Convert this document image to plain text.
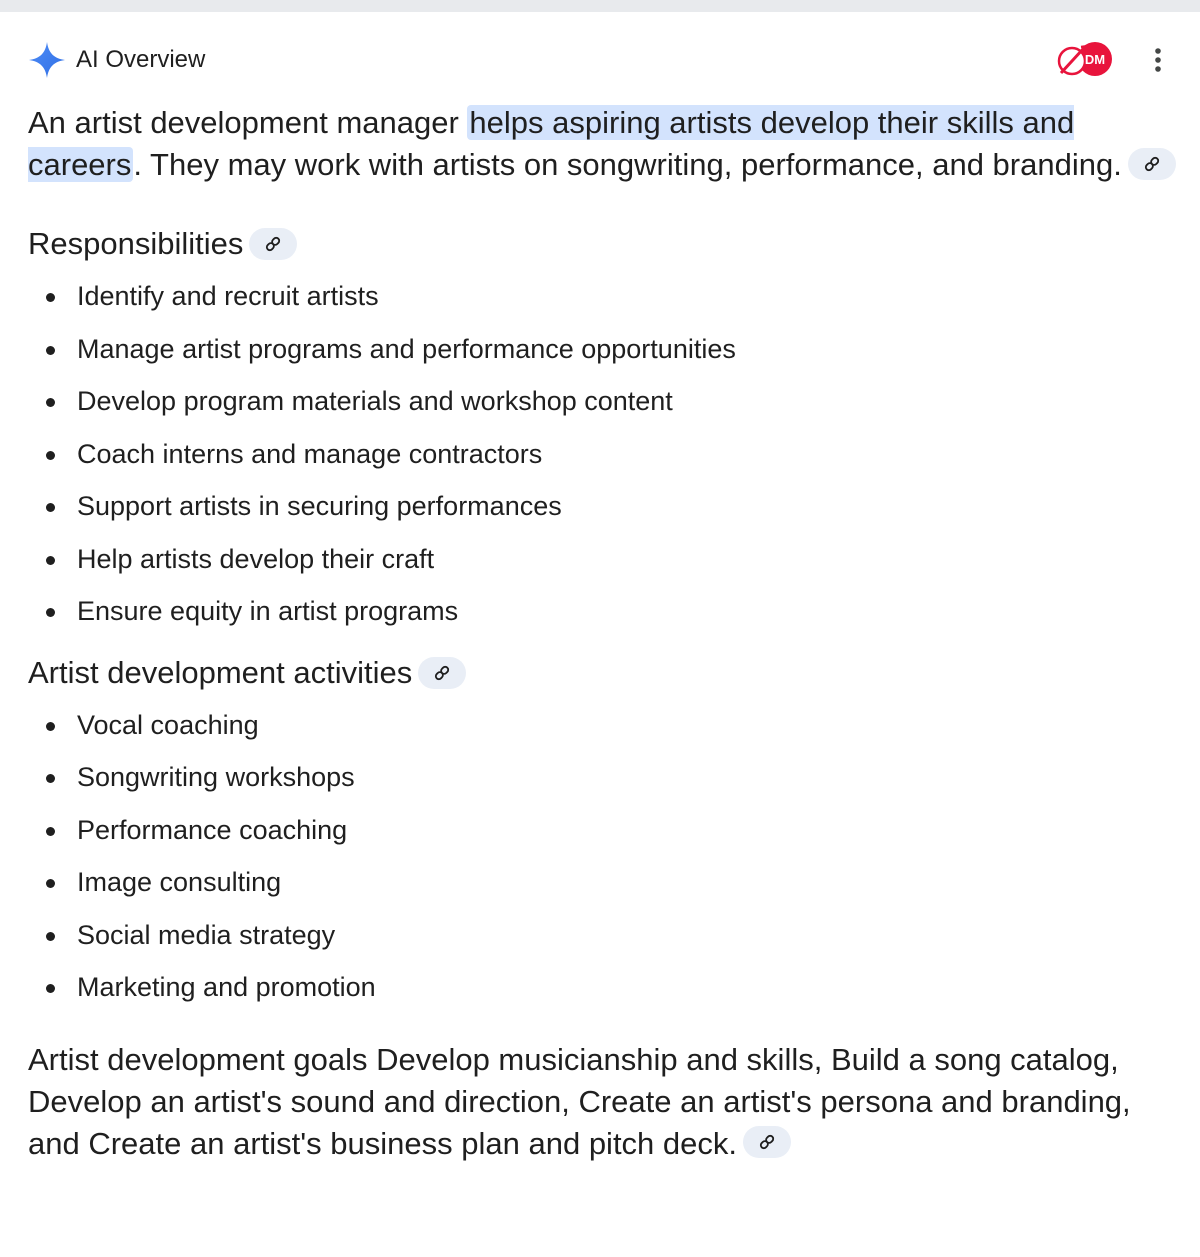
AI Overview	DM

An artist development manager helps aspiring artists develop their skills and careers. They may work with artists on songwriting, performance, and branding.

Responsibilities
Identify and recruit artists
Manage artist programs and performance opportunities
Develop program materials and workshop content
Coach interns and manage contractors
Support artists in securing performances
Help artists develop their craft
Ensure equity in artist programs
Artist development activities
Vocal coaching
Songwriting workshops
Performance coaching
Image consulting
Social media strategy
Marketing and promotion

Artist development goals Develop musicianship and skills, Build a song catalog, Develop an artist's sound and direction, Create an artist's persona and branding, and Create an artist's business plan and pitch deck.
